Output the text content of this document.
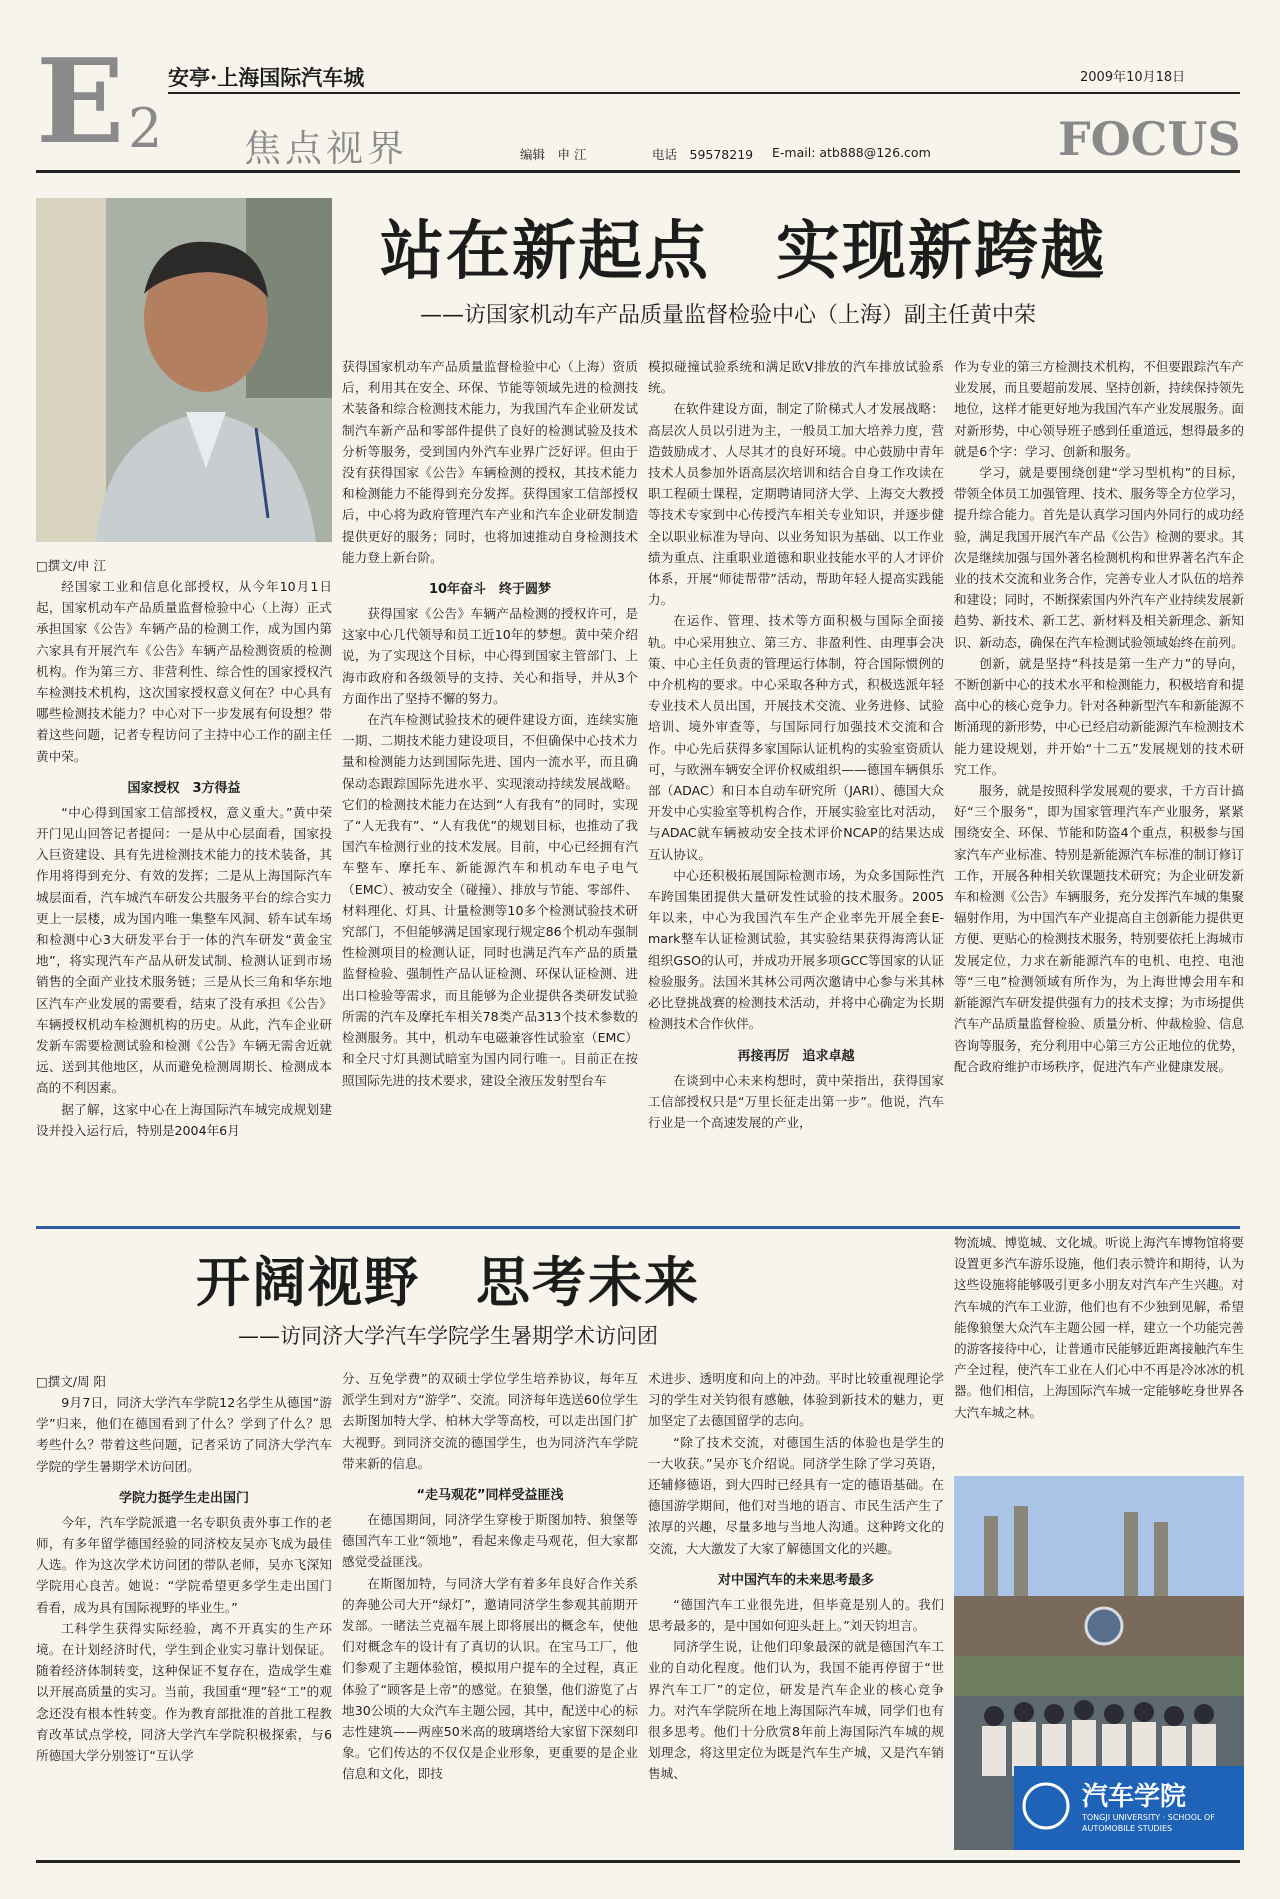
E 2
安亭·上海国际汽车城	2009年10月18日
焦点视界	FOCUS
编辑　申 江	电话　59578219 E-mail: atb888@126.com
站在新起点　实现新跨越
——访国家机动车产品质量监督检验中心（上海）副主任黄中荣
□撰文/申 江

经国家工业和信息化部授权，从今年10月1日起，国家机动车产品质量监督检验中心（上海）正式承担国家《公告》车辆产品的检测工作，成为国内第六家具有开展汽车《公告》车辆产品检测资质的检测机构。作为第三方、非营利性、综合性的国家授权汽车检测技术机构，这次国家授权意义何在？中心具有哪些检测技术能力？中心对下一步发展有何设想？带着这些问题，记者专程访问了主持中心工作的副主任黄中荣。

国家授权　3方得益

“中心得到国家工信部授权，意义重大。”黄中荣开门见山回答记者提问：一是从中心层面看，国家投入巨资建设、具有先进检测技术能力的技术装备，其作用将得到充分、有效的发挥；二是从上海国际汽车城层面看，汽车城汽车研发公共服务平台的综合实力更上一层楼，成为国内唯一集整车风洞、轿车试车场和检测中心3大研发平台于一体的汽车研发“黄金宝地”，将实现汽车产品从研发试制、检测认证到市场销售的全面产业技术服务链；三是从长三角和华东地区汽车产业发展的需要看，结束了没有承担《公告》车辆授权机动车检测机构的历史。从此，汽车企业研发新车需要检测试验和检测《公告》车辆无需舍近就远、送到其他地区，从而避免检测周期长、检测成本高的不利因素。

据了解，这家中心在上海国际汽车城完成规划建设并投入运行后，特别是2004年6月

获得国家机动车产品质量监督检验中心（上海）资质后，利用其在安全、环保、节能等领域先进的检测技术装备和综合检测技术能力，为我国汽车企业研发试制汽车新产品和零部件提供了良好的检测试验及技术分析等服务，受到国内外汽车业界广泛好评。但由于没有获得国家《公告》车辆检测的授权，其技术能力和检测能力不能得到充分发挥。获得国家工信部授权后，中心将为政府管理汽车产业和汽车企业研发制造提供更好的服务；同时，也将加速推动自身检测技术能力登上新台阶。

10年奋斗　终于圆梦

获得国家《公告》车辆产品检测的授权许可，是这家中心几代领导和员工近10年的梦想。黄中荣介绍说，为了实现这个目标，中心得到国家主管部门、上海市政府和各级领导的支持、关心和指导，并从3个方面作出了坚持不懈的努力。

在汽车检测试验技术的硬件建设方面，连续实施一期、二期技术能力建设项目，不但确保中心技术力量和检测能力达到国际先进、国内一流水平，而且确保动态跟踪国际先进水平、实现滚动持续发展战略。它们的检测技术能力在达到“人有我有”的同时，实现了“人无我有”、“人有我优”的规划目标，也推动了我国汽车检测行业的技术发展。目前，中心已经拥有汽车整车、摩托车、新能源汽车和机动车电子电气（EMC）、被动安全（碰撞）、排放与节能、零部件、材料理化、灯具、计量检测等10多个检测试验技术研究部门，不但能够满足国家现行规定86个机动车强制性检测项目的检测认证，同时也满足汽车产品的质量监督检验、强制性产品认证检测、环保认证检测、进出口检验等需求，而且能够为企业提供各类研发试验所需的汽车及摩托车相关78类产品313个技术参数的检测服务。其中，机动车电磁兼容性试验室（EMC）和全尺寸灯具测试暗室为国内同行唯一。目前正在按照国际先进的技术要求，建设全液压发射型台车

模拟碰撞试验系统和满足欧V排放的汽车排放试验系统。

在软件建设方面，制定了阶梯式人才发展战略：高层次人员以引进为主，一般员工加大培养力度，营造鼓励成才、人尽其才的良好环境。中心鼓励中青年技术人员参加外语高层次培训和结合自身工作攻读在职工程硕士课程，定期聘请同济大学、上海交大教授等技术专家到中心传授汽车相关专业知识，并逐步健全以职业标准为导向、以业务知识为基础、以工作业绩为重点、注重职业道德和职业技能水平的人才评价体系，开展“师徒帮带”活动，帮助年轻人提高实践能力。

在运作、管理、技术等方面积极与国际全面接轨。中心采用独立、第三方、非盈利性、由理事会决策、中心主任负责的管理运行体制，符合国际惯例的中介机构的要求。中心采取各种方式，积极选派年轻专业技术人员出国，开展技术交流、业务进修、试验培训、境外审查等，与国际同行加强技术交流和合作。中心先后获得多家国际认证机构的实验室资质认可，与欧洲车辆安全评价权威组织——德国车辆俱乐部（ADAC）和日本自动车研究所（JARI）、德国大众开发中心实验室等机构合作，开展实验室比对活动，与ADAC就车辆被动安全技术评价NCAP的结果达成互认协议。

中心还积极拓展国际检测市场，为众多国际性汽车跨国集团提供大量研发性试验的技术服务。2005年以来，中心为我国汽车生产企业率先开展全套E-mark整车认证检测试验，其实验结果获得海湾认证组织GSO的认可，并成功开展多项GCC等国家的认证检验服务。法国米其林公司两次邀请中心参与米其林必比登挑战赛的检测技术活动，并将中心确定为长期检测技术合作伙伴。

再接再厉　追求卓越

在谈到中心未来构想时，黄中荣指出，获得国家工信部授权只是“万里长征走出第一步”。他说，汽车行业是一个高速发展的产业，

作为专业的第三方检测技术机构，不但要跟踪汽车产业发展，而且要超前发展、坚持创新，持续保持领先地位，这样才能更好地为我国汽车产业发展服务。面对新形势，中心领导班子感到任重道远，想得最多的就是6个字：学习、创新和服务。

学习，就是要围绕创建“学习型机构”的目标，带领全体员工加强管理、技术、服务等全方位学习，提升综合能力。首先是认真学习国内外同行的成功经验，满足我国开展汽车产品《公告》检测的要求。其次是继续加强与国外著名检测机构和世界著名汽车企业的技术交流和业务合作，完善专业人才队伍的培养和建设；同时，不断探索国内外汽车产业持续发展新趋势、新技术、新工艺、新材料及相关新理念、新知识、新动态，确保在汽车检测试验领域始终在前列。

创新，就是坚持“科技是第一生产力”的导向，不断创新中心的技术水平和检测能力，积极培育和提高中心的核心竞争力。针对各种新型汽车和新能源不断涌现的新形势，中心已经启动新能源汽车检测技术能力建设规划，并开始“十二五”发展规划的技术研究工作。

服务，就是按照科学发展观的要求，千方百计搞好“三个服务”，即为国家管理汽车产业服务，紧紧围绕安全、环保、节能和防盗4个重点，积极参与国家汽车产业标准、特别是新能源汽车标准的制订修订工作，开展各种相关软课题技术研究；为企业研发新车和检测《公告》车辆服务，充分发挥汽车城的集聚辐射作用，为中国汽车产业提高自主创新能力提供更方便、更贴心的检测技术服务，特别要依托上海城市发展定位，力求在新能源汽车的电机、电控、电池等“三电”检测领域有所作为，为上海世博会用车和新能源汽车研发提供强有力的技术支撑；为市场提供汽车产品质量监督检验、质量分析、仲裁检验、信息咨询等服务，充分利用中心第三方公正地位的优势，配合政府维护市场秩序，促进汽车产业健康发展。

开阔视野　思考未来
——访同济大学汽车学院学生暑期学术访问团
□撰文/周 阳

9月7日，同济大学汽车学院12名学生从德国“游学”归来，他们在德国看到了什么？学到了什么？思考些什么？带着这些问题，记者采访了同济大学汽车学院的学生暑期学术访问团。

学院力挺学生走出国门

今年，汽车学院派遣一名专职负责外事工作的老师，有多年留学德国经验的同济校友吴亦飞成为最佳人选。作为这次学术访问团的带队老师，吴亦飞深知学院用心良苦。她说：“学院希望更多学生走出国门看看，成为具有国际视野的毕业生。”

工科学生获得实际经验，离不开真实的生产环境。在计划经济时代，学生到企业实习靠计划保证。随着经济体制转变，这种保证不复存在，造成学生难以开展高质量的实习。当前，我国重“理”轻“工”的观念还没有根本性转变。作为教育部批准的首批工程教育改革试点学校，同济大学汽车学院积极探索，与6所德国大学分别签订“互认学

分、互免学费”的双硕士学位学生培养协议，每年互派学生到对方“游学”、交流。同济每年选送60位学生去斯图加特大学、柏林大学等高校，可以走出国门扩大视野。到同济交流的德国学生，也为同济汽车学院带来新的信息。

“走马观花”同样受益匪浅

在德国期间，同济学生穿梭于斯图加特、狼堡等德国汽车工业“领地”，看起来像走马观花，但大家都感觉受益匪浅。

在斯图加特，与同济大学有着多年良好合作关系的奔驰公司大开“绿灯”，邀请同济学生参观其前期开发部。一睹法兰克福车展上即将展出的概念车，使他们对概念车的设计有了真切的认识。在宝马工厂，他们参观了主题体验馆，模拟用户提车的全过程，真正体验了“顾客是上帝”的感觉。在狼堡，他们游览了占地30公顷的大众汽车主题公园，其中，配送中心的标志性建筑——两座50米高的玻璃塔给大家留下深刻印象。它们传达的不仅仅是企业形象，更重要的是企业信息和文化，即技

术进步、透明度和向上的冲劲。平时比较重视理论学习的学生对关钧很有感触，体验到新技术的魅力，更加坚定了去德国留学的志向。

“除了技术交流，对德国生活的体验也是学生的一大收获。”吴亦飞介绍说。同济学生除了学习英语，还辅修德语，到大四时已经具有一定的德语基础。在德国游学期间，他们对当地的语言、市民生活产生了浓厚的兴趣，尽量多地与当地人沟通。这种跨文化的交流，大大激发了大家了解德国文化的兴趣。

对中国汽车的未来思考最多

“德国汽车工业很先进，但毕竟是别人的。我们思考最多的，是中国如何迎头赶上。”刘天钧坦言。

同济学生说，让他们印象最深的就是德国汽车工业的自动化程度。他们认为，我国不能再停留于“世界汽车工厂”的定位，研发是汽车企业的核心竞争力。对汽车学院所在地上海国际汽车城，同学们也有很多思考。他们十分欣赏8年前上海国际汽车城的规划理念，将这里定位为既是汽车生产城，又是汽车销售城、

物流城、博览城、文化城。听说上海汽车博物馆将要设置更多汽车游乐设施，他们表示赞许和期待，认为这些设施将能够吸引更多小朋友对汽车产生兴趣。对汽车城的汽车工业游，他们也有不少独到见解，希望能像狼堡大众汽车主题公园一样，建立一个功能完善的游客接待中心，让普通市民能够近距离接触汽车生产全过程，使汽车工业在人们心中不再是冷冰冰的机器。他们相信，上海国际汽车城一定能够屹身世界各大汽车城之林。

汽车学院
TONGJI UNIVERSITY · SCHOOL OF AUTOMOBILE STUDIES
